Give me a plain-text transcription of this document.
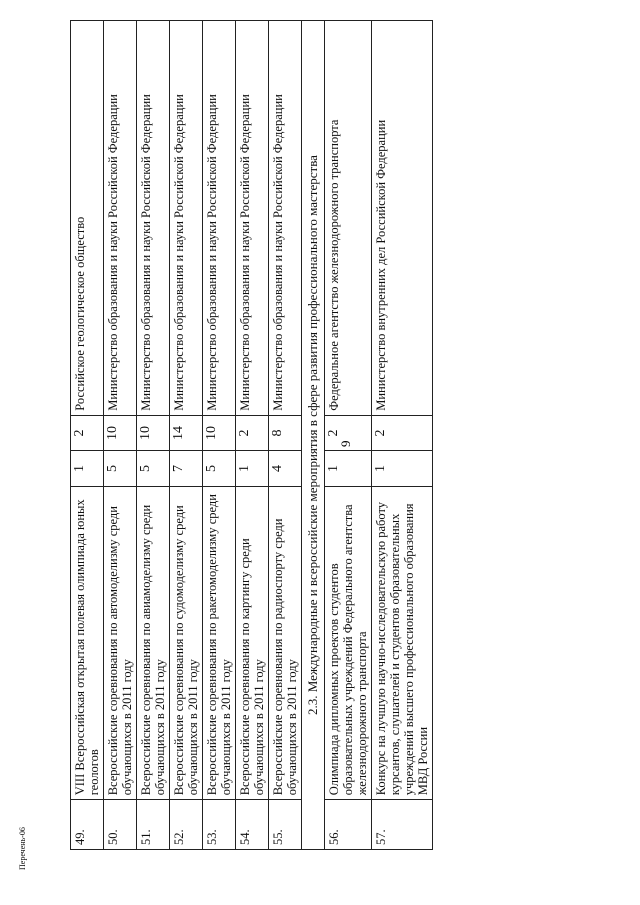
9
49.	VIII Всероссийская открытая полевая олимпиада юных геологов	1	2	Российское геологическое общество
50.	Всероссийские соревнования по автомоделизму среди обучающихся в 2011 году	5	10	Министерство образования и науки Российской Федерации
51.	Всероссийские соревнования по авиамоделизму среди обучающихся в 2011 году	5	10	Министерство образования и науки Российской Федерации
52.	Всероссийские соревнования по судомоделизму среди обучающихся в 2011 году	7	14	Министерство образования и науки Российской Федерации
53.	Всероссийские соревнования по ракетомоделизму среди обучающихся в 2011 году	5	10	Министерство образования и науки Российской Федерации
54.	Всероссийские соревнования по картингу среди обучающихся в 2011 году	1	2	Министерство образования и науки Российской Федерации
55.	Всероссийские соревнования по радиоспорту среди обучающихся в 2011 году	4	8	Министерство образования и науки Российской Федерации
2.3. Международные и всероссийские мероприятия в сфере развития профессионального мастерства				
56.	Олимпиада дипломных проектов студентов образовательных учреждений Федерального агентства железнодорожного транспорта	1	2	Федеральное агентство железнодорожного транспорта
57.	Конкурс на лучшую научно-исследовательскую работу курсантов, слушателей и студентов образовательных учреждений высшего профессионального образования МВД России	1	2	Министерство внутренних дел Российской Федерации
Перечень-06
